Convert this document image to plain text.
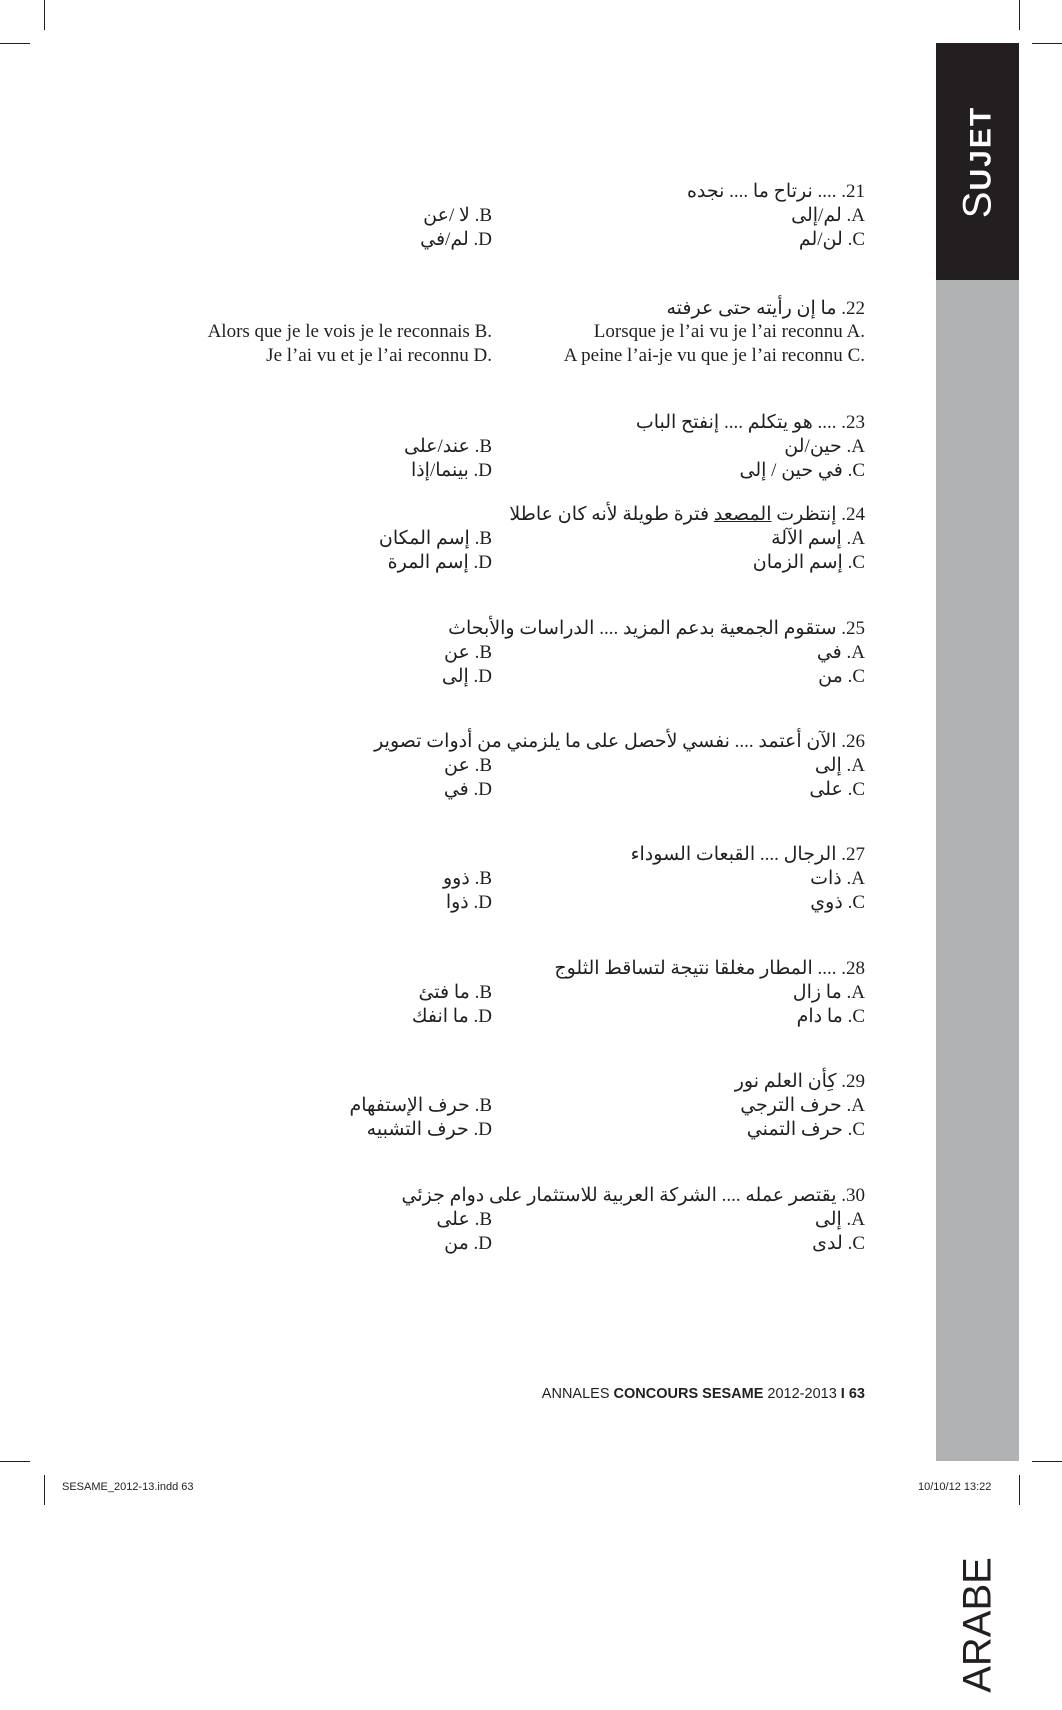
SUJET
ARABE
21. .... نرتاح ما .... نجده
A. لم/إلى
B. لا /عن
C. لن/لم
D. لم/في
22. ما إن رأيته حتى عرفته
Lorsque je l’ai vu je l’ai reconnu A.
Alors que je le vois je le reconnais B.
A peine l’ai-je vu que je l’ai reconnu C.
Je l’ai vu et je l’ai reconnu D.
23. .... هو يتكلم .... إنفتح الباب
A. حين/لن
B. عند/على
C. في حين / إلى
D. بينما/إذا
24. إنتظرت المصعد فترة طويلة لأنه كان عاطلا
A. إسم الآلة
B. إسم المكان
C. إسم الزمان
D. إسم المرة
25. ستقوم الجمعية بدعم المزيد .... الدراسات والأبحاث
A. في
B. عن
C. من
D. إلى
26. الآن أعتمد .... نفسي لأحصل على ما يلزمني من أدوات تصوير
A. إلى
B. عن
C. على
D. في
27. الرجال .... القبعات السوداء
A. ذات
B. ذوو
C. ذوي
D. ذوا
28. .... المطار مغلقا نتيجة لتساقط الثلوج
A. ما زال
B. ما فتئ
C. ما دام
D. ما انفك
29. كِأن العلم نور
A. حرف الترجي
B. حرف الإستفهام
C. حرف التمني
D. حرف التشبيه
30. يقتصر عمله .... الشركة العربية للاستثمار على دوام جزئي
A. إلى
B. على
C. لدى
D. من
ANNALES CONCOURS SESAME 2012-2013 I 63
SESAME_2012-13.indd 63	10/10/12 13:22
